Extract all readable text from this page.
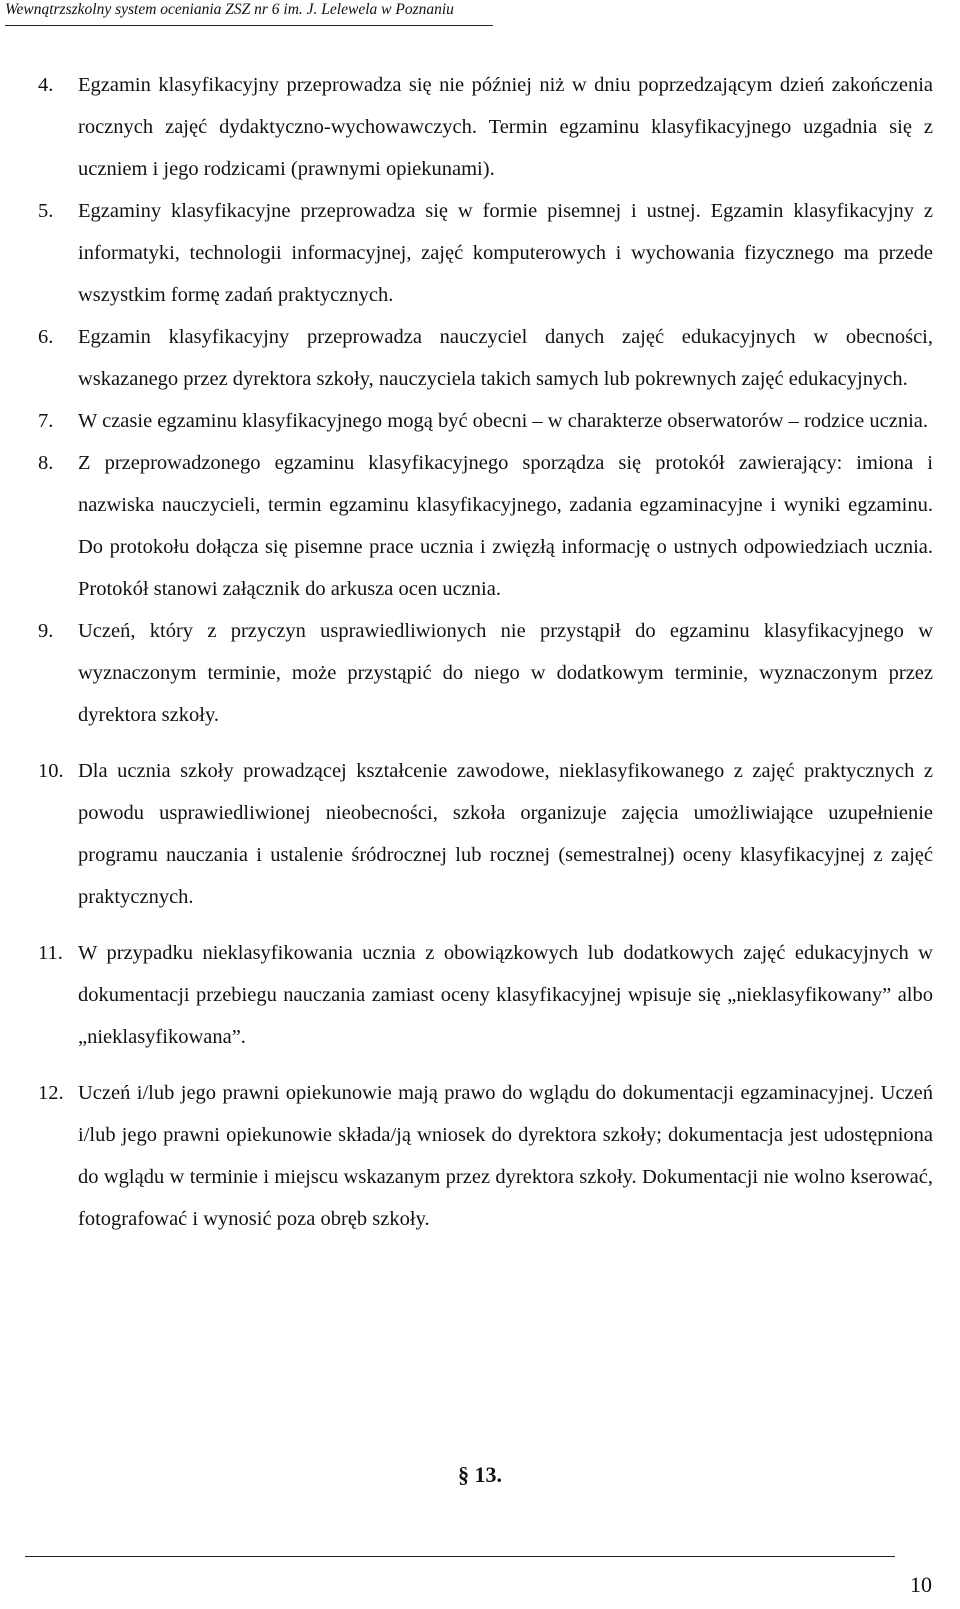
Wewnątrzszkolny system oceniania ZSZ nr 6 im. J. Lelewela w Poznaniu
4.	Egzamin klasyfikacyjny przeprowadza się nie później niż w dniu poprzedzającym dzień zakończenia rocznych zajęć dydaktyczno-wychowawczych. Termin egzaminu klasyfikacyjnego uzgadnia się z uczniem i jego rodzicami (prawnymi opiekunami).
5.	Egzaminy klasyfikacyjne przeprowadza się w formie pisemnej i ustnej. Egzamin klasyfikacyjny z informatyki, technologii informacyjnej, zajęć komputerowych i wychowania fizycznego ma przede wszystkim formę zadań praktycznych.
6.	Egzamin klasyfikacyjny przeprowadza nauczyciel danych zajęć edukacyjnych w obecności, wskazanego przez dyrektora szkoły, nauczyciela takich samych lub pokrewnych zajęć edukacyjnych.
7.	W czasie egzaminu klasyfikacyjnego mogą być obecni – w charakterze obserwatorów – rodzice ucznia.
8.	Z przeprowadzonego egzaminu klasyfikacyjnego sporządza się protokół zawierający: imiona i nazwiska nauczycieli, termin egzaminu klasyfikacyjnego, zadania egzaminacyjne i wyniki egzaminu. Do protokołu dołącza się pisemne prace ucznia i zwięzłą informację o ustnych odpowiedziach ucznia. Protokół stanowi załącznik do arkusza ocen ucznia.
9.	Uczeń, który z przyczyn usprawiedliwionych nie przystąpił do egzaminu klasyfikacyjnego w wyznaczonym terminie, może przystąpić do niego w dodatkowym terminie, wyznaczonym przez dyrektora szkoły.
10. Dla ucznia szkoły prowadzącej kształcenie zawodowe, nieklasyfikowanego z zajęć praktycznych z powodu usprawiedliwionej nieobecności, szkoła organizuje zajęcia umożliwiające uzupełnienie programu nauczania i ustalenie śródrocznej lub rocznej (semestralnej) oceny klasyfikacyjnej z zajęć praktycznych.
11. W przypadku nieklasyfikowania ucznia z obowiązkowych lub dodatkowych zajęć edukacyjnych w dokumentacji przebiegu nauczania zamiast oceny klasyfikacyjnej wpisuje się „nieklasyfikowany” albo „nieklasyfikowana”.
12. Uczeń i/lub jego prawni opiekunowie mają prawo do wglądu do dokumentacji egzaminacyjnej. Uczeń i/lub jego prawni opiekunowie składa/ją wniosek do dyrektora szkoły; dokumentacja jest udostępniona do wglądu w terminie i miejscu wskazanym przez dyrektora szkoły. Dokumentacji nie wolno kserować, fotografować i wynosić poza obręb szkoły.
§ 13.
10
